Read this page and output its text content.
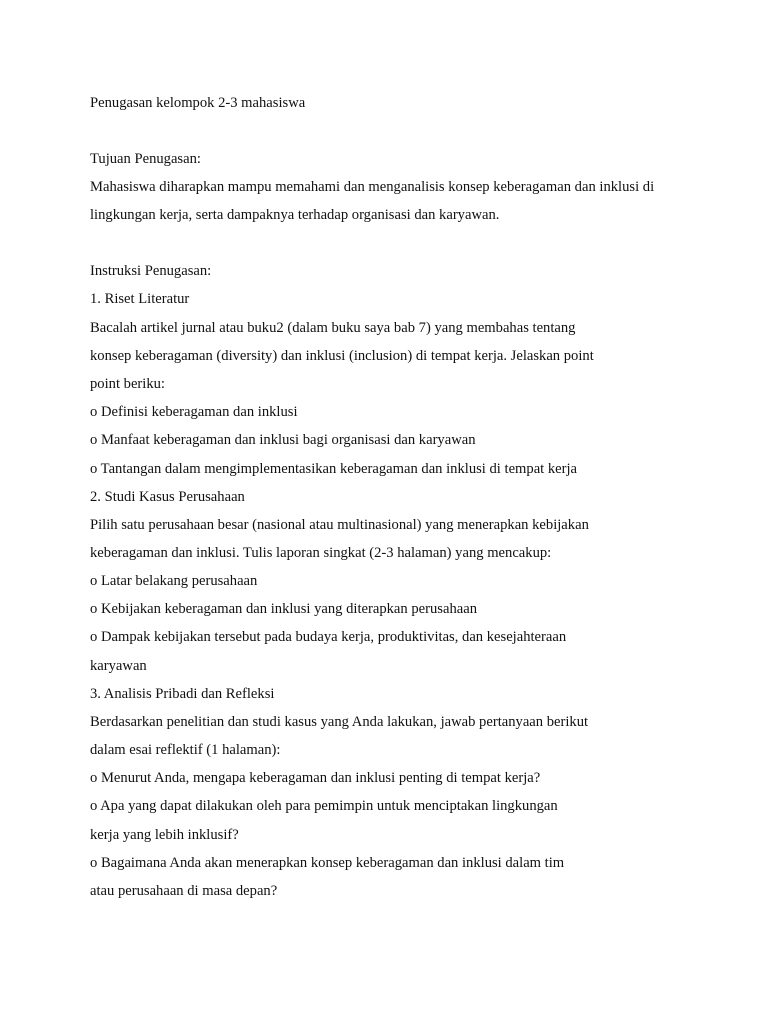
Penugasan kelompok 2-3 mahasiswa
Tujuan Penugasan:
Mahasiswa diharapkan mampu memahami dan menganalisis konsep keberagaman dan inklusi di
lingkungan kerja, serta dampaknya terhadap organisasi dan karyawan.
Instruksi Penugasan:
1. Riset Literatur
Bacalah artikel jurnal atau buku2 (dalam buku saya bab 7) yang membahas tentang
konsep keberagaman (diversity) dan inklusi (inclusion) di tempat kerja. Jelaskan point
point beriku:
o Definisi keberagaman dan inklusi
o Manfaat keberagaman dan inklusi bagi organisasi dan karyawan
o Tantangan dalam mengimplementasikan keberagaman dan inklusi di tempat kerja
2. Studi Kasus Perusahaan
Pilih satu perusahaan besar (nasional atau multinasional) yang menerapkan kebijakan
keberagaman dan inklusi. Tulis laporan singkat (2-3 halaman) yang mencakup:
o Latar belakang perusahaan
o Kebijakan keberagaman dan inklusi yang diterapkan perusahaan
o Dampak kebijakan tersebut pada budaya kerja, produktivitas, dan kesejahteraan
karyawan
3. Analisis Pribadi dan Refleksi
Berdasarkan penelitian dan studi kasus yang Anda lakukan, jawab pertanyaan berikut
dalam esai reflektif (1 halaman):
o Menurut Anda, mengapa keberagaman dan inklusi penting di tempat kerja?
o Apa yang dapat dilakukan oleh para pemimpin untuk menciptakan lingkungan
kerja yang lebih inklusif?
o Bagaimana Anda akan menerapkan konsep keberagaman dan inklusi dalam tim
atau perusahaan di masa depan?
